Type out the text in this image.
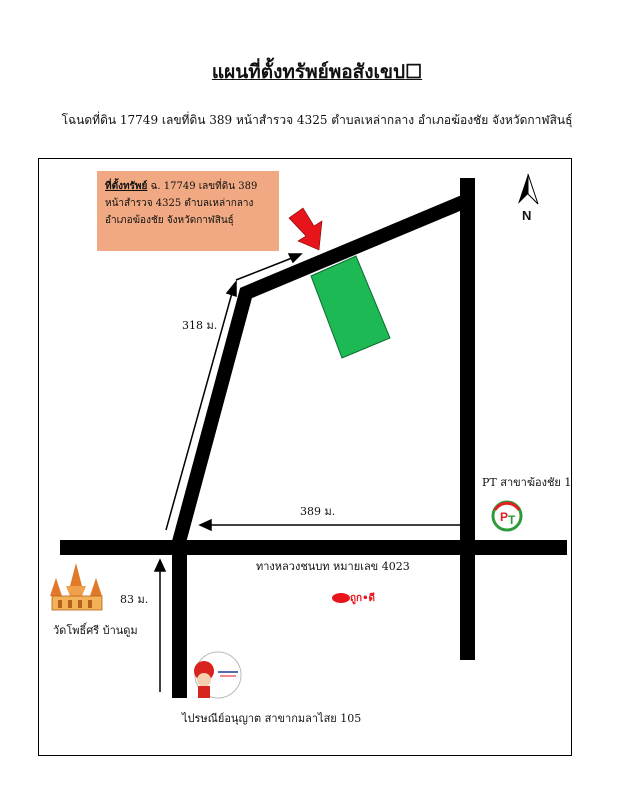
แผนที่ตั้งทรัพย์พอสังเขป☐
โฉนดที่ดิน 17749 เลขที่ดิน 389 หน้าสำรวจ 4325 ตำบลเหล่ากลาง อำเภอฆ้องชัย จังหวัดกาฬสินธุ์
P T
ที่ตั้งทรัพย์ ฉ. 17749 เลขที่ดิน 389
หน้าสำรวจ 4325 ตำบลเหล่ากลาง
อำเภอฆ้องชัย จังหวัดกาฬสินธุ์	N
318 ม.
389 ม.
83 ม.
PT สาขาฆ้องชัย 1
ทางหลวงชนบท หมายเลข 4023
ถูก•ดี
วัดโพธิ์ศรี บ้านดูม
ไปรษณีย์อนุญาต สาขากมลาไสย 105
